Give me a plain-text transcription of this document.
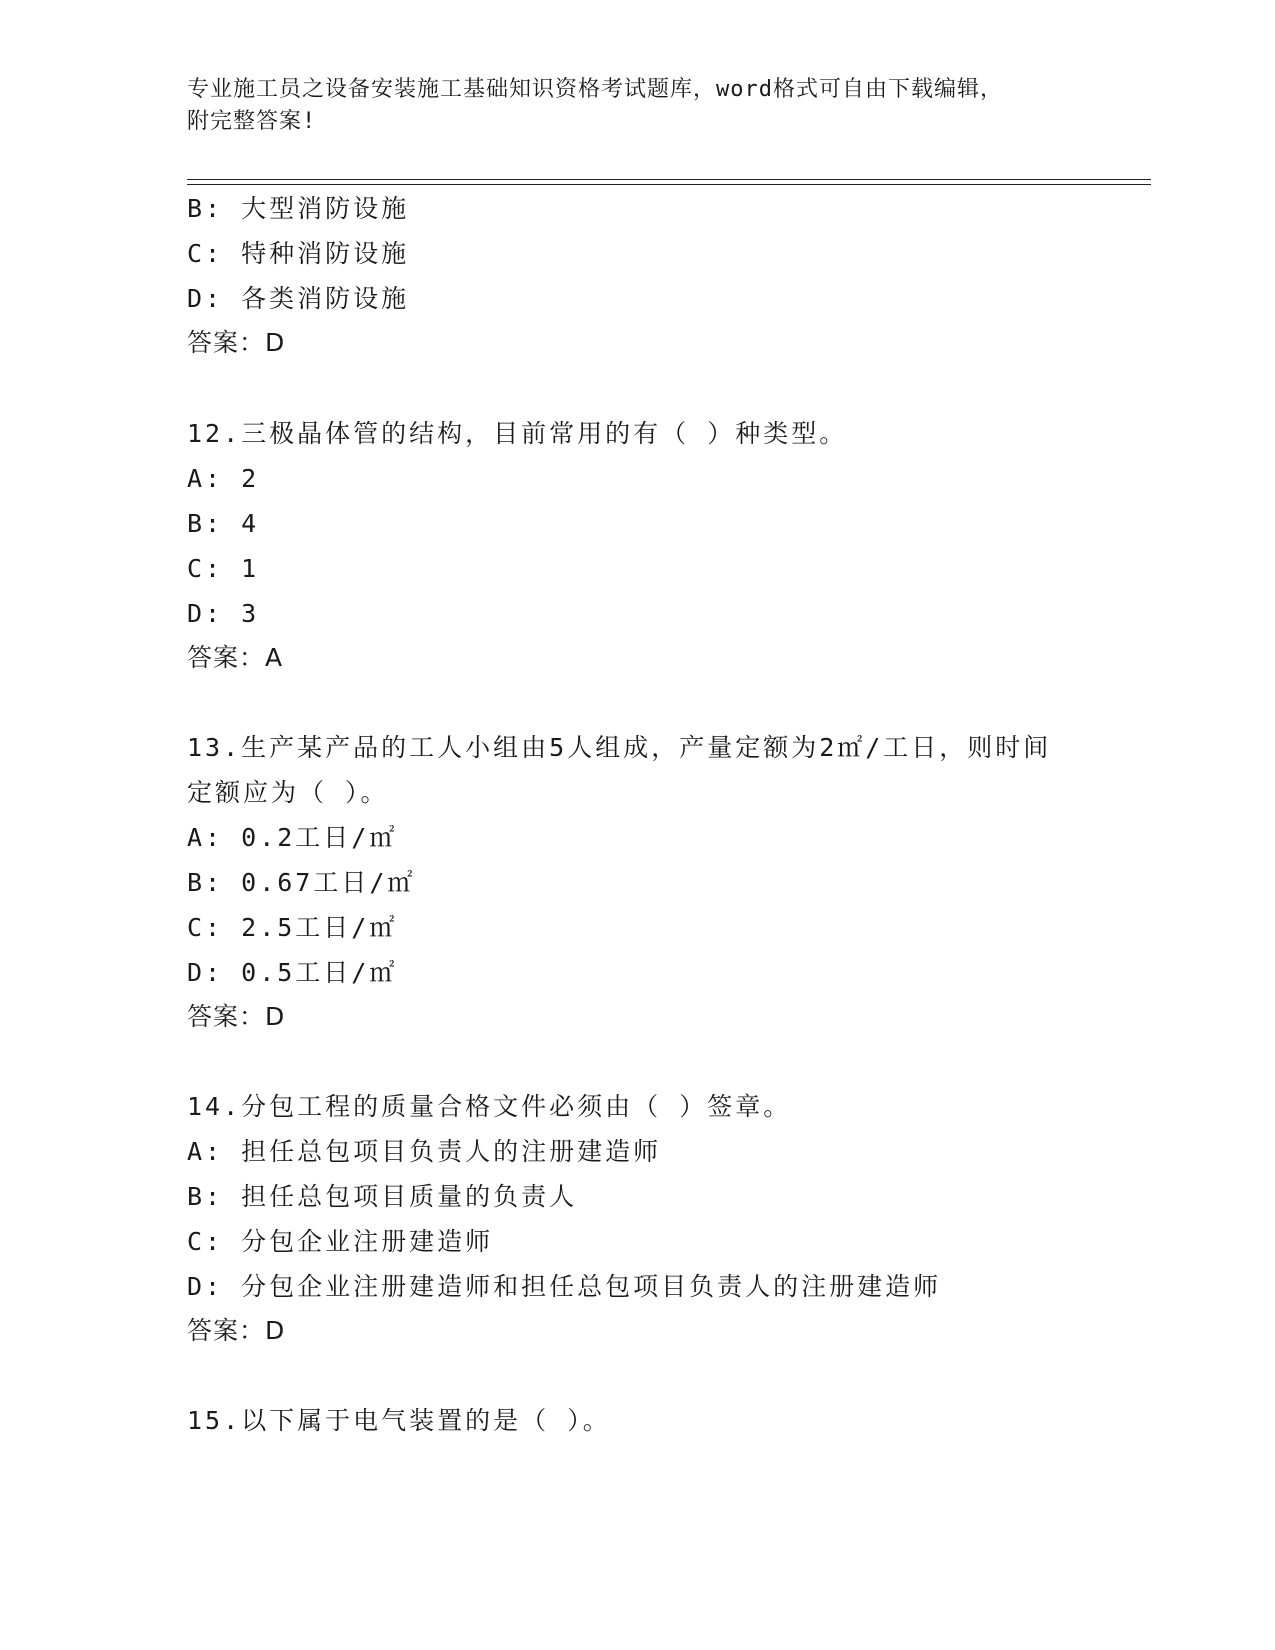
专业施工员之设备安装施工基础知识资格考试题库，word格式可自由下载编辑，
附完整答案!
B: 大型消防设施
C: 特种消防设施
D: 各类消防设施
答案：D
12.三极晶体管的结构，目前常用的有（ ）种类型。
A: 2
B: 4
C: 1
D: 3
答案：A
13.生产某产品的工人小组由5人组成，产量定额为2㎡/工日，则时间
定额应为（ ）。
A: 0.2工日/㎡
B: 0.67工日/㎡
C: 2.5工日/㎡
D: 0.5工日/㎡
答案：D
14.分包工程的质量合格文件必须由（ ）签章。
A: 担任总包项目负责人的注册建造师
B: 担任总包项目质量的负责人
C: 分包企业注册建造师
D: 分包企业注册建造师和担任总包项目负责人的注册建造师
答案：D
15.以下属于电气装置的是（ ）。
